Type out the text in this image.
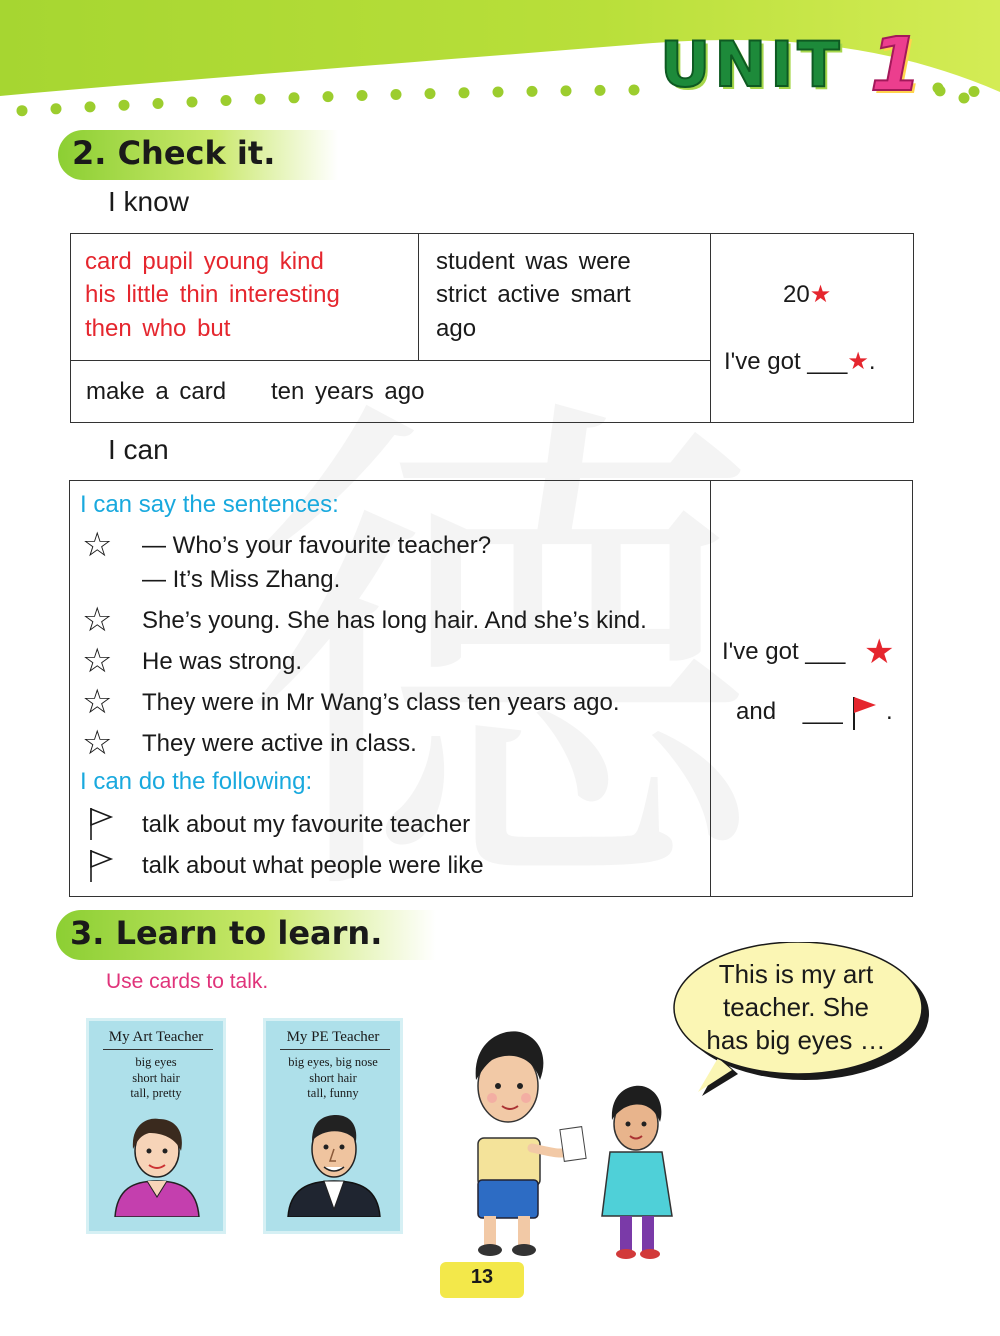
UNIT 1
2. Check it.
I know
card pupil young kind
his little thin interesting
then who but
student was were
strict active smart
ago
make a card ten years ago
20★
I've got ___★.
I can
I can say the sentences:
☆ — Who’s your favourite teacher?
— It’s Miss Zhang.
☆ She’s young. She has long hair. And she’s kind.
☆ He was strong.
☆ They were in Mr Wang’s class ten years ago.
☆ They were active in class.
I can do the following:
talk about my favourite teacher
talk about what people were like
I've got ___ ★
and ___ .
3. Learn to learn.
Use cards to talk.
My Art Teacher
big eyes
short hair
tall, pretty
My PE Teacher
big eyes, big nose
short hair
tall, funny
This is my art
teacher. She
has big eyes …
13
